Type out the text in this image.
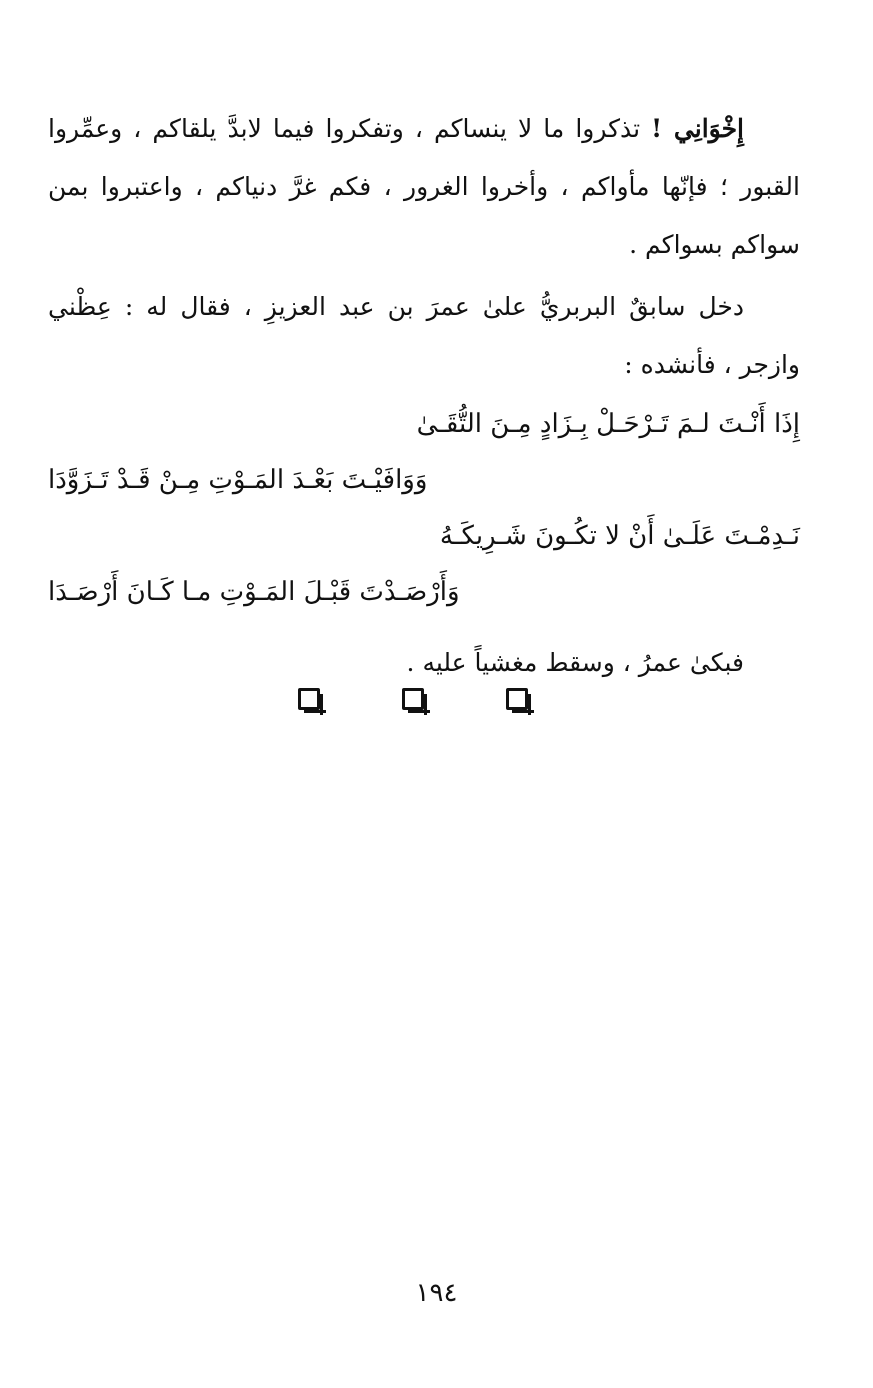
إِخْوَانِي ! تذكروا ما لا ينساكم ، وتفكروا فيما لابدَّ يلقاكم ، وعمِّروا القبور ؛ فإنّها مأواكم ، وأخروا الغرور ، فكم غرَّ دنياكم ، واعتبروا بمن سواكم بسواكم .

دخل سابقٌ البربريُّ علىٰ عمرَ بن عبد العزيزِ ، فقال له : عِظْني وازجر ، فأنشده :

إِذَا أَنْـتَ لـمَ تَـرْحَـلْ بِـزَادٍ مِـنَ التُّقَـىٰ

وَوَافَيْـتَ بَعْـدَ المَـوْتِ مِـنْ قَـدْ تَـزَوَّدَا

نَـدِمْـتَ عَلَـىٰ أَنْ لا تكُـونَ شَـرِيكَـهُ

وَأَرْصَـدْتَ قَبْـلَ المَـوْتِ مـا كَـانَ أَرْصَـدَا

فبكىٰ عمرُ ، وسقط مغشياً عليه .

١٩٤
